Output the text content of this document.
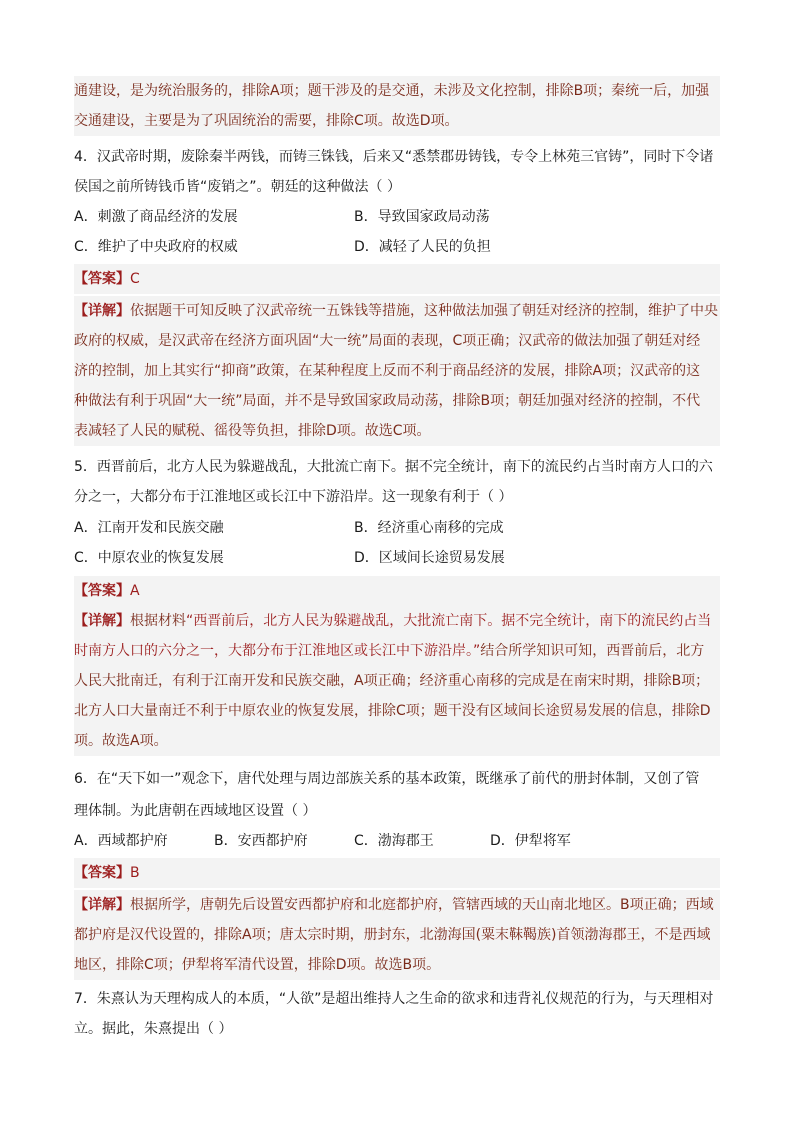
通建设，是为统治服务的，排除A项；题干涉及的是交通，未涉及文化控制，排除B项；秦统一后，加强
交通建设，主要是为了巩固统治的需要，排除C项。故选D项。
4．汉武帝时期，废除秦半两钱，而铸三铢钱，后来又“悉禁郡毋铸钱，专令上林苑三官铸”，同时下令诸
侯国之前所铸钱币皆“废销之”。朝廷的这种做法（ ）
A．刺激了商品经济的发展	B．导致国家政局动荡
C．维护了中央政府的权威	D．减轻了人民的负担
【答案】C
【详解】依据题干可知反映了汉武帝统一五铢钱等措施，这种做法加强了朝廷对经济的控制，维护了中央
政府的权威，是汉武帝在经济方面巩固“大一统”局面的表现，C项正确；汉武帝的做法加强了朝廷对经
济的控制，加上其实行“抑商”政策，在某种程度上反而不利于商品经济的发展，排除A项；汉武帝的这
种做法有利于巩固“大一统”局面，并不是导致国家政局动荡，排除B项；朝廷加强对经济的控制，不代
表减轻了人民的赋税、徭役等负担，排除D项。故选C项。
5．西晋前后，北方人民为躲避战乱，大批流亡南下。据不完全统计，南下的流民约占当时南方人口的六
分之一，大都分布于江淮地区或长江中下游沿岸。这一现象有利于（ ）
A．江南开发和民族交融	B．经济重心南移的完成
C．中原农业的恢复发展	D．区域间长途贸易发展
【答案】A
【详解】根据材料“西晋前后，北方人民为躲避战乱，大批流亡南下。据不完全统计，南下的流民约占当
时南方人口的六分之一，大都分布于江淮地区或长江中下游沿岸。”结合所学知识可知，西晋前后，北方
人民大批南迁，有利于江南开发和民族交融，A项正确；经济重心南移的完成是在南宋时期，排除B项；
北方人口大量南迁不利于中原农业的恢复发展，排除C项；题干没有区域间长途贸易发展的信息，排除D
项。故选A项。
6．在“天下如一”观念下，唐代处理与周边部族关系的基本政策，既继承了前代的册封体制，又创了管
理体制。为此唐朝在西域地区设置（ ）
A．西域都护府	B．安西都护府	C．渤海郡王	D．伊犁将军
【答案】B
【详解】根据所学，唐朝先后设置安西都护府和北庭都护府，管辖西域的天山南北地区。B项正确；西域
都护府是汉代设置的，排除A项；唐太宗时期，册封东，北渤海国(粟末靺鞨族)首领渤海郡王，不是西域
地区，排除C项；伊犁将军清代设置，排除D项。故选B项。
7．朱熹认为天理构成人的本质，“人欲”是超出维持人之生命的欲求和违背礼仪规范的行为，与天理相对
立。据此，朱熹提出（ ）
